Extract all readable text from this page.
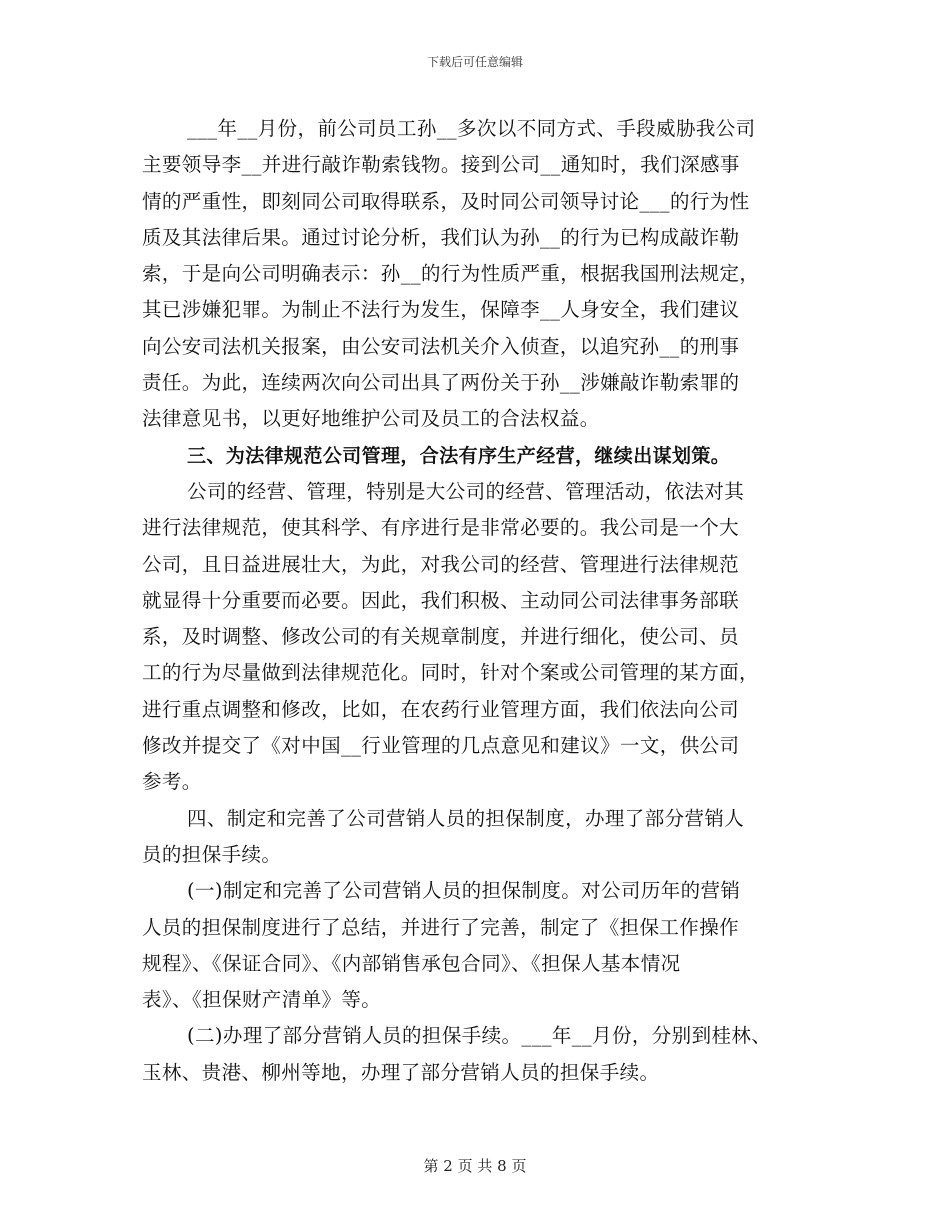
下载后可任意编辑
___年__月份，前公司员工孙__多次以不同方式、手段威胁我公司
主要领导李__并进行敲诈勒索钱物。接到公司__通知时，我们深感事
情的严重性，即刻同公司取得联系，及时同公司领导讨论___的行为性
质及其法律后果。通过讨论分析，我们认为孙__的行为已构成敲诈勒
索，于是向公司明确表示：孙__的行为性质严重，根据我国刑法规定，
其已涉嫌犯罪。为制止不法行为发生，保障李__人身安全，我们建议
向公安司法机关报案，由公安司法机关介入侦查，以追究孙__的刑事
责任。为此，连续两次向公司出具了两份关于孙__涉嫌敲诈勒索罪的
法律意见书，以更好地维护公司及员工的合法权益。
三、为法律规范公司管理，合法有序生产经营，继续出谋划策。
公司的经营、管理，特别是大公司的经营、管理活动，依法对其
进行法律规范，使其科学、有序进行是非常必要的。我公司是一个大
公司，且日益进展壮大，为此，对我公司的经营、管理进行法律规范
就显得十分重要而必要。因此，我们积极、主动同公司法律事务部联
系，及时调整、修改公司的有关规章制度，并进行细化，使公司、员
工的行为尽量做到法律规范化。同时，针对个案或公司管理的某方面，
进行重点调整和修改，比如，在农药行业管理方面，我们依法向公司
修改并提交了《对中国__行业管理的几点意见和建议》一文，供公司
参考。
四、制定和完善了公司营销人员的担保制度，办理了部分营销人
员的担保手续。
(一)制定和完善了公司营销人员的担保制度。对公司历年的营销
人员的担保制度进行了总结，并进行了完善，制定了《担保工作操作
规程》、《保证合同》、《内部销售承包合同》、《担保人基本情况
表》、《担保财产清单》等。
(二)办理了部分营销人员的担保手续。___年__月份，分别到桂林、
玉林、贵港、柳州等地，办理了部分营销人员的担保手续。
第 2 页 共 8 页
